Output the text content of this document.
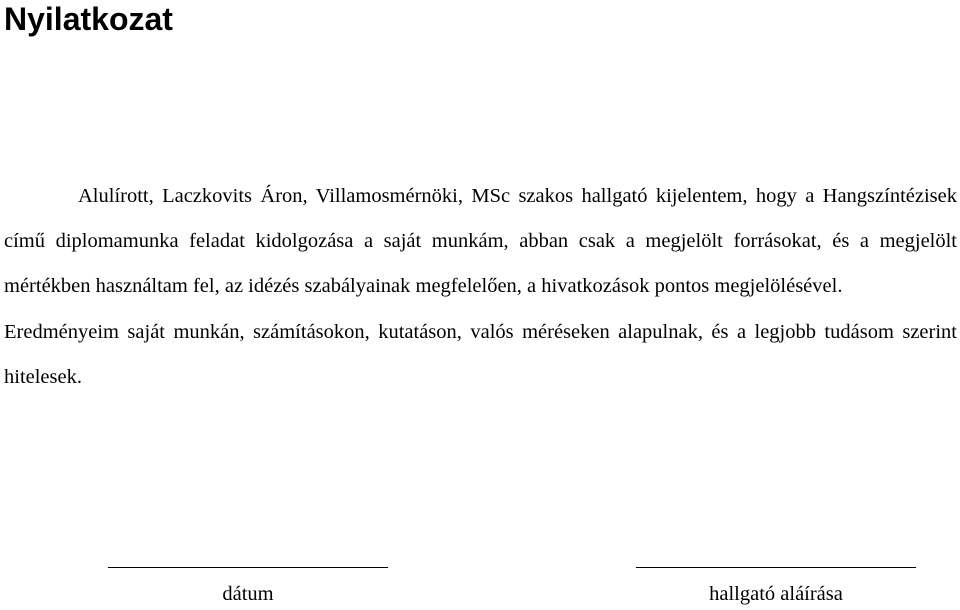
Nyilatkozat

Alulírott, Laczkovits Áron, Villamosmérnöki, MSc szakos hallgató kijelentem, hogy a Hangszíntézisek című diplomamunka feladat kidolgozása a saját munkám, abban csak a megjelölt forrásokat, és a megjelölt mértékben használtam fel, az idézés szabályainak megfelelően, a hivatkozások pontos megjelölésével.

Eredményeim saját munkán, számításokon, kutatáson, valós méréseken alapulnak, és a legjobb tudásom szerint hitelesek.

dátum	hallgató aláírása
